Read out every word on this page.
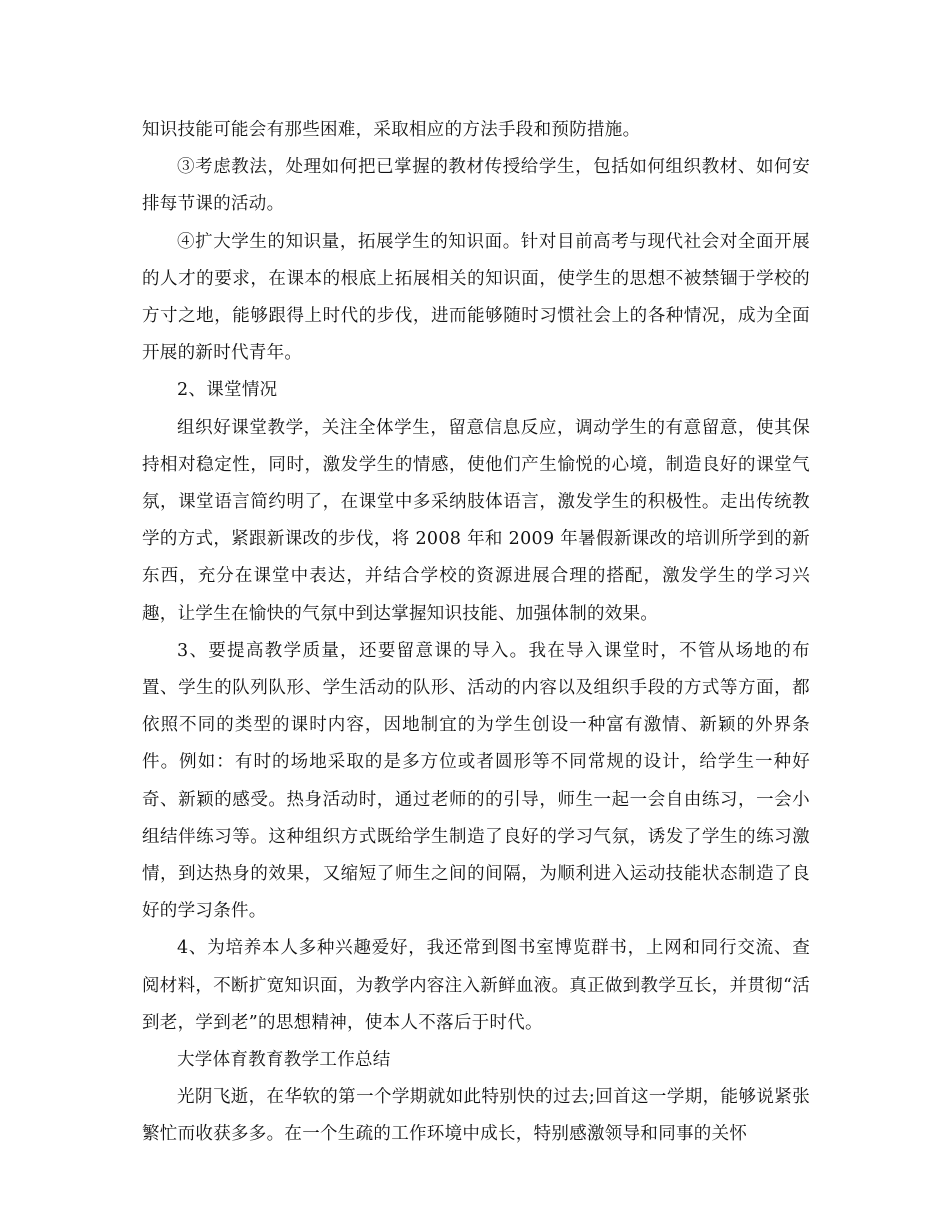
知识技能可能会有那些困难，采取相应的方法手段和预防措施。

③考虑教法，处理如何把已掌握的教材传授给学生，包括如何组织教材、如何安排每节课的活动。

④扩大学生的知识量，拓展学生的知识面。针对目前高考与现代社会对全面开展的人才的要求，在课本的根底上拓展相关的知识面，使学生的思想不被禁锢于学校的方寸之地，能够跟得上时代的步伐，进而能够随时习惯社会上的各种情况，成为全面开展的新时代青年。

2、课堂情况

组织好课堂教学，关注全体学生，留意信息反应，调动学生的有意留意，使其保持相对稳定性，同时，激发学生的情感，使他们产生愉悦的心境，制造良好的课堂气氛，课堂语言简约明了，在课堂中多采纳肢体语言，激发学生的积极性。走出传统教学的方式，紧跟新课改的步伐，将 2008 年和 2009 年暑假新课改的培训所学到的新东西，充分在课堂中表达，并结合学校的资源进展合理的搭配，激发学生的学习兴趣，让学生在愉快的气氛中到达掌握知识技能、加强体制的效果。

3、要提高教学质量，还要留意课的导入。我在导入课堂时，不管从场地的布置、学生的队列队形、学生活动的队形、活动的内容以及组织手段的方式等方面，都依照不同的类型的课时内容，因地制宜的为学生创设一种富有激情、新颖的外界条件。例如：有时的场地采取的是多方位或者圆形等不同常规的设计，给学生一种好奇、新颖的感受。热身活动时，通过老师的的引导，师生一起一会自由练习，一会小组结伴练习等。这种组织方式既给学生制造了良好的学习气氛，诱发了学生的练习激情，到达热身的效果，又缩短了师生之间的间隔，为顺利进入运动技能状态制造了良好的学习条件。

4、为培养本人多种兴趣爱好，我还常到图书室博览群书，上网和同行交流、查阅材料，不断扩宽知识面，为教学内容注入新鲜血液。真正做到教学互长，并贯彻“活到老，学到老”的思想精神，使本人不落后于时代。

大学体育教育教学工作总结

光阴飞逝，在华软的第一个学期就如此特别快的过去;回首这一学期，能够说紧张繁忙而收获多多。在一个生疏的工作环境中成长，特别感激领导和同事的关怀
